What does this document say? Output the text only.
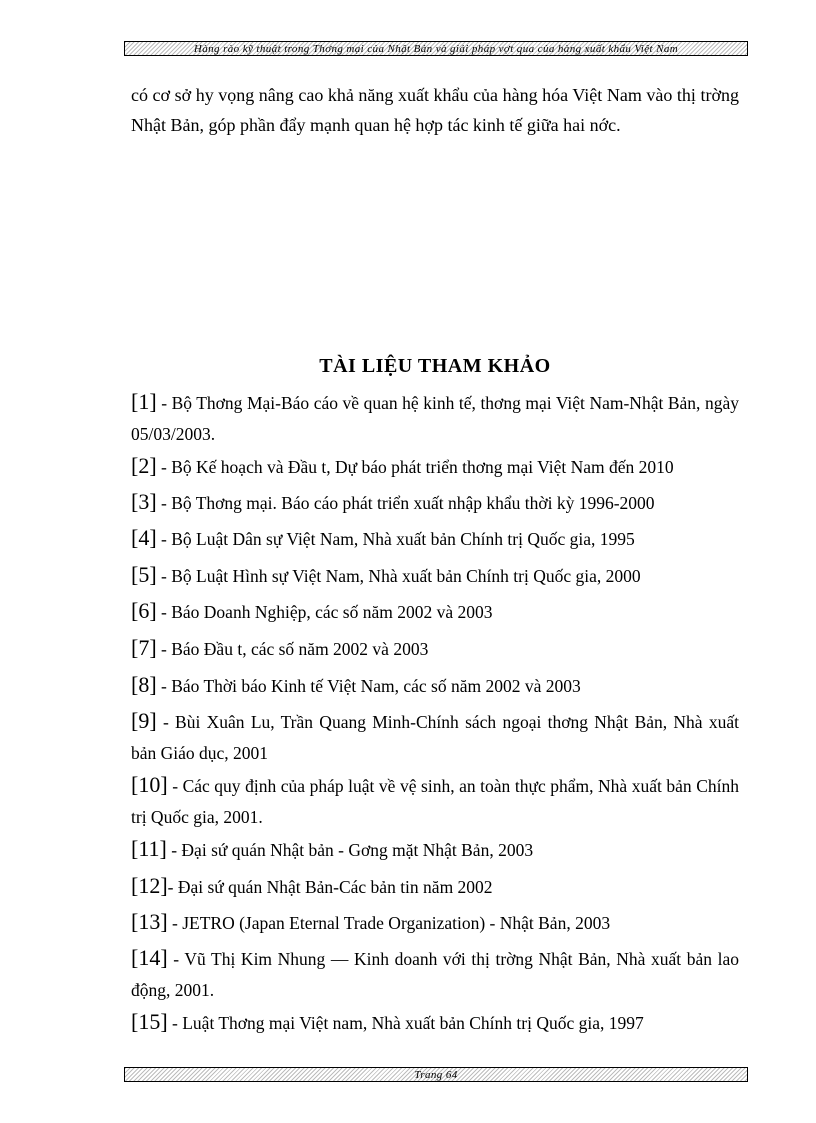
Hàng rào kỹ thuật trong Thơng mại của Nhật Bản và giải pháp vợt qua của hàng xuất khẩu Việt Nam
có cơ sở hy vọng nâng cao khả năng xuất khẩu của hàng hóa Việt Nam vào thị trờng Nhật Bản, góp phần đẩy mạnh quan hệ hợp tác kinh tế giữa hai nớc.
TÀI LIỆU THAM KHẢO
[1] - Bộ Thơng Mại-Báo cáo về quan hệ kinh tế, thơng mại Việt Nam-Nhật Bản, ngày 05/03/2003.
[2] - Bộ Kế hoạch và Đầu t, Dự báo phát triển thơng mại Việt Nam đến 2010
[3] - Bộ Thơng mại. Báo cáo phát triển xuất nhập khẩu thời kỳ 1996-2000
[4] - Bộ Luật Dân sự Việt Nam, Nhà xuất bản Chính trị Quốc gia, 1995
[5] - Bộ Luật Hình sự Việt Nam, Nhà xuất bản Chính trị Quốc gia, 2000
[6] - Báo Doanh Nghiệp, các số năm 2002 và 2003
[7] - Báo Đầu t, các số năm 2002 và 2003
[8] - Báo Thời báo Kinh tế Việt Nam, các số năm 2002 và 2003
[9] - Bùi Xuân Lu, Trần Quang Minh-Chính sách ngoại thơng Nhật Bản, Nhà xuất bản Giáo dục, 2001
[10] - Các quy định của pháp luật về vệ sinh, an toàn thực phẩm, Nhà xuất bản Chính trị Quốc gia, 2001.
[11] - Đại sứ quán Nhật bản - Gơng mặt Nhật Bản, 2003
[12]- Đại sứ quán Nhật Bản-Các bản tin năm 2002
[13] - JETRO (Japan Eternal Trade Organization) - Nhật Bản, 2003
[14] - Vũ Thị Kim Nhung — Kinh doanh với thị trờng Nhật Bản, Nhà xuất bản lao động, 2001.
[15] - Luật Thơng mại Việt nam, Nhà xuất bản Chính trị Quốc gia, 1997
Trang 64
